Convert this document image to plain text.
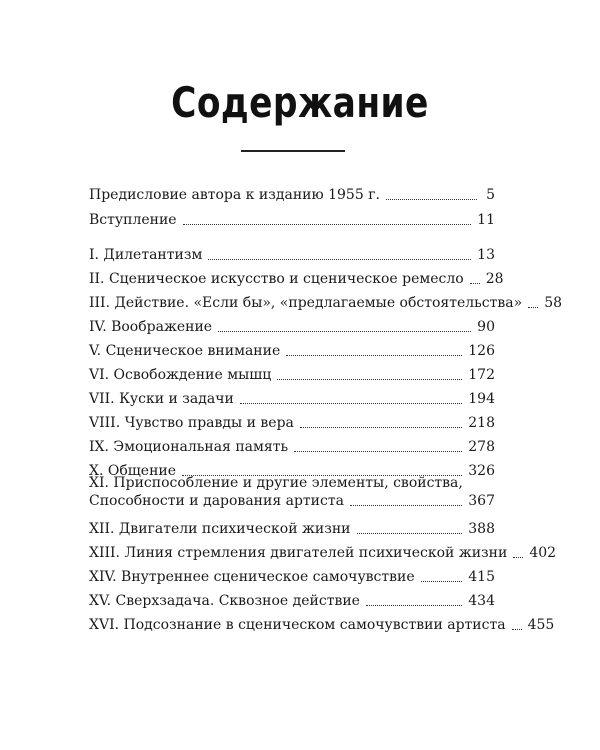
Содержание
Предисловие автора к изданию 1955 г.	5
Вступление	11
I. Дилетантизм	13
II. Сценическое искусство и сценическое ремесло 28
III. Действие. «Если бы», «предлагаемые обстоятельства» 58
IV. Воображение	90
V. Сценическое внимание	126
VI. Освобождение мышц	172
VII. Куски и задачи	194
VIII. Чувство правды и вера	218
IX. Эмоциональная память	278
X. Общение	326
XI. Приспособление и другие элементы, свойства,
Способности и дарования артиста	367
XII. Двигатели психической жизни	388
XIII. Линия стремления двигателей психической жизни 402
XIV. Внутреннее сценическое самочувствие	415
XV. Сверхзадача. Сквозное действие	434
XVI. Подсознание в сценическом самочувствии артиста 455
